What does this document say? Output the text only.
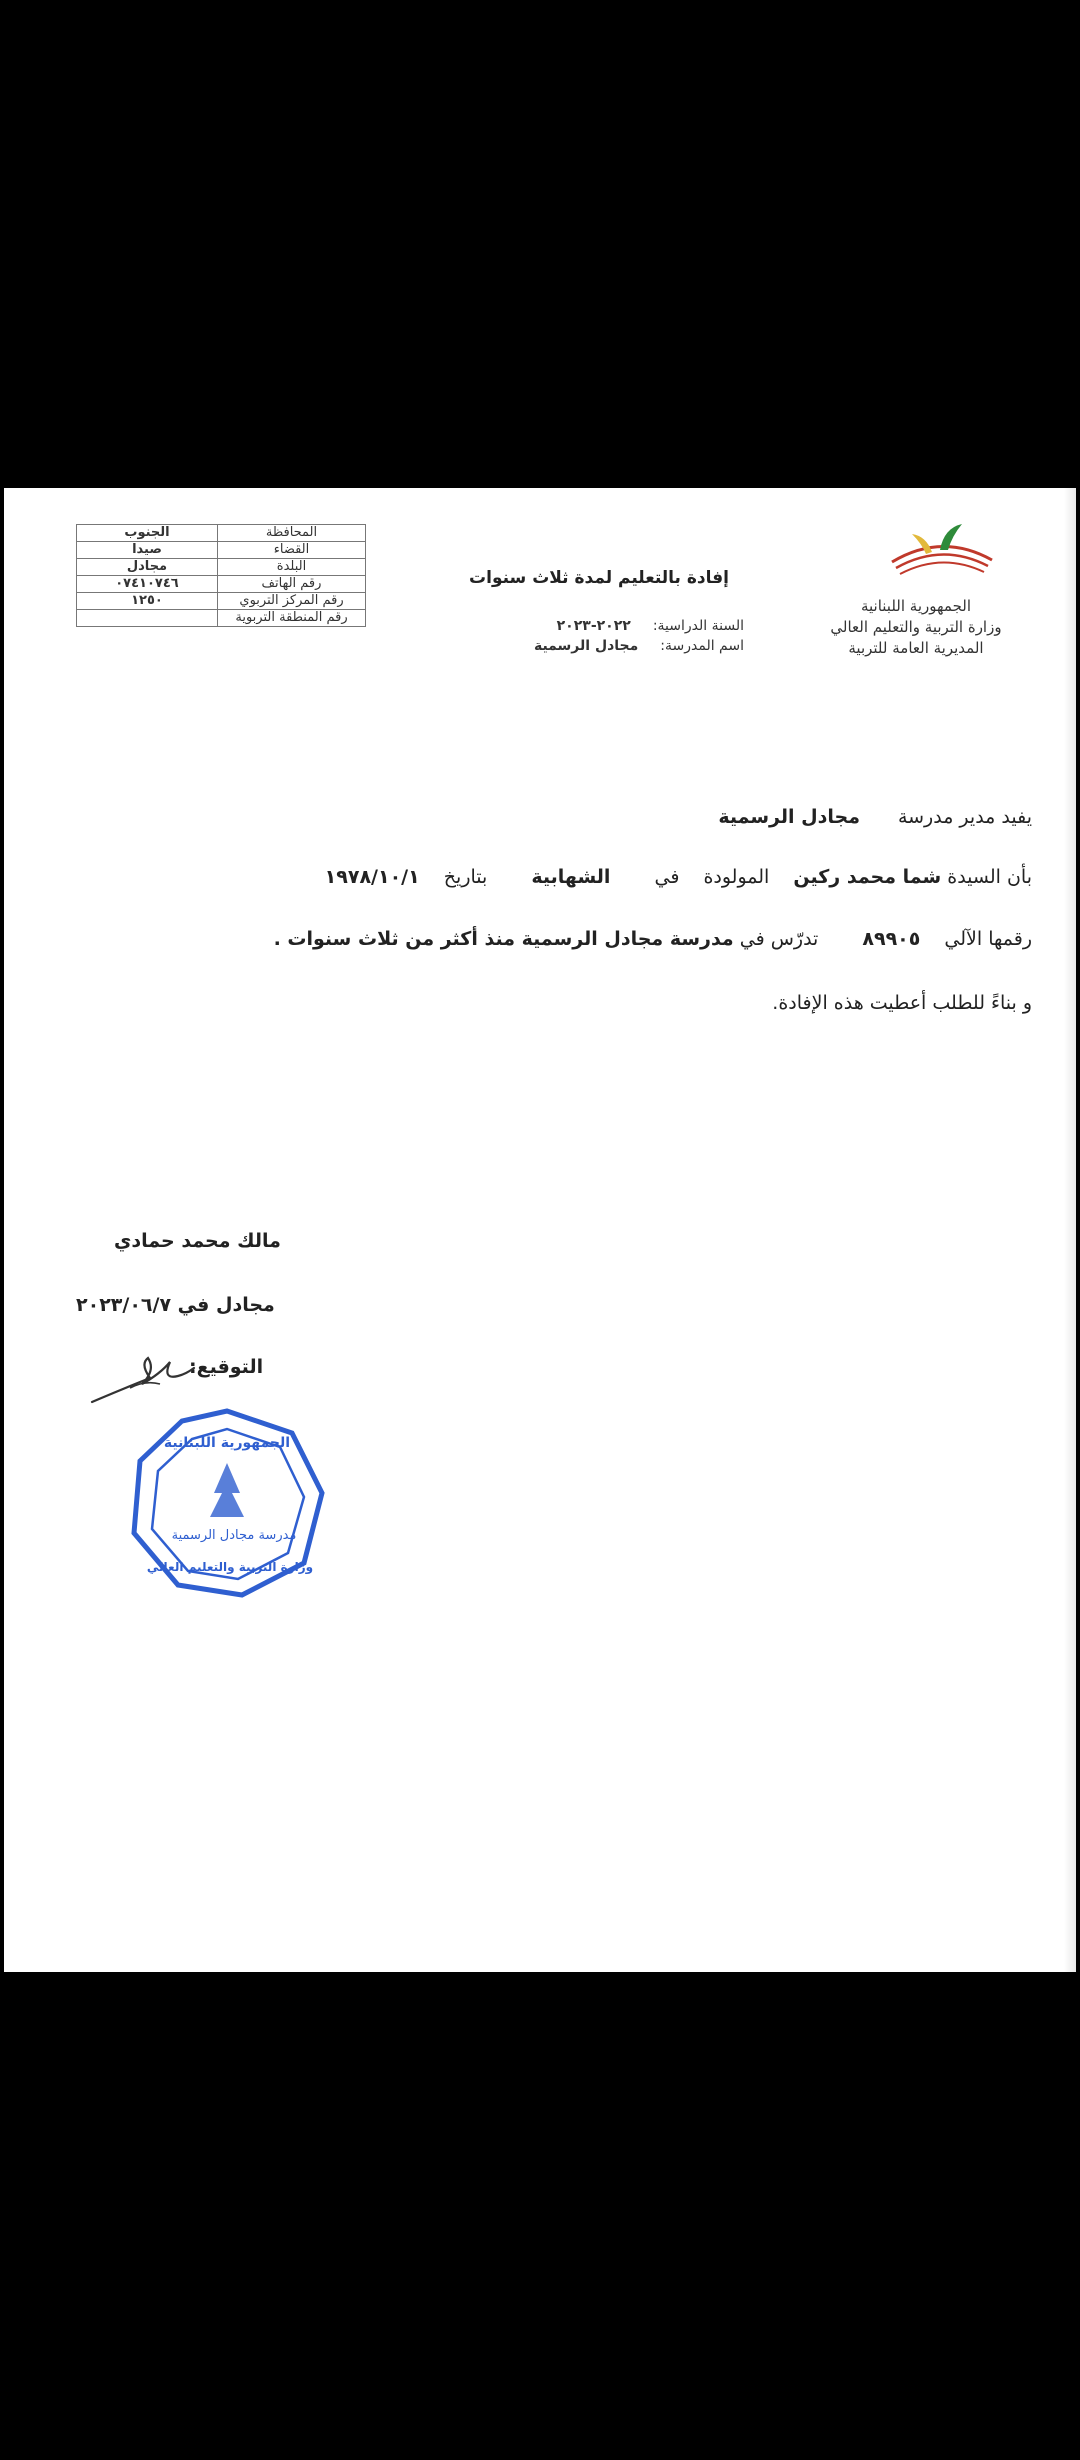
الجمهورية اللبنانية
وزارة التربية والتعليم العالي
المديرية العامة للتربية
إفادة بالتعليم لمدة ثلاث سنوات
السنة الدراسية:
٢٠٢٢-٢٠٢٣
اسم المدرسة:
مجادل الرسمية
المحافظة	الجنوب
القضاء	صيدا
البلدة	مجادل
رقم الهاتف	٠٧٤١٠٧٤٦
رقم المركز التربوي	١٢٥٠
رقم المنطقة التربوية	
يفيد مدير مدرسةمجادل الرسمية
بأن السيدة شما محمد ركين المولودة في الشهابية بتاريخ ١٩٧٨/١٠/١
رقمها الآلي ٨٩٩٠٥ تدرّس في مدرسة مجادل الرسمية منذ أكثر من ثلاث سنوات .
و بناءً للطلب أعطيت هذه الإفادة.
مالك محمد حمادي
مجادل في ٢٠٢٣/٠٦/٧
التوقيع:
الجمهورية اللبنانية
مدرسة مجادل الرسمية
وزارة التربية والتعليم العالي
